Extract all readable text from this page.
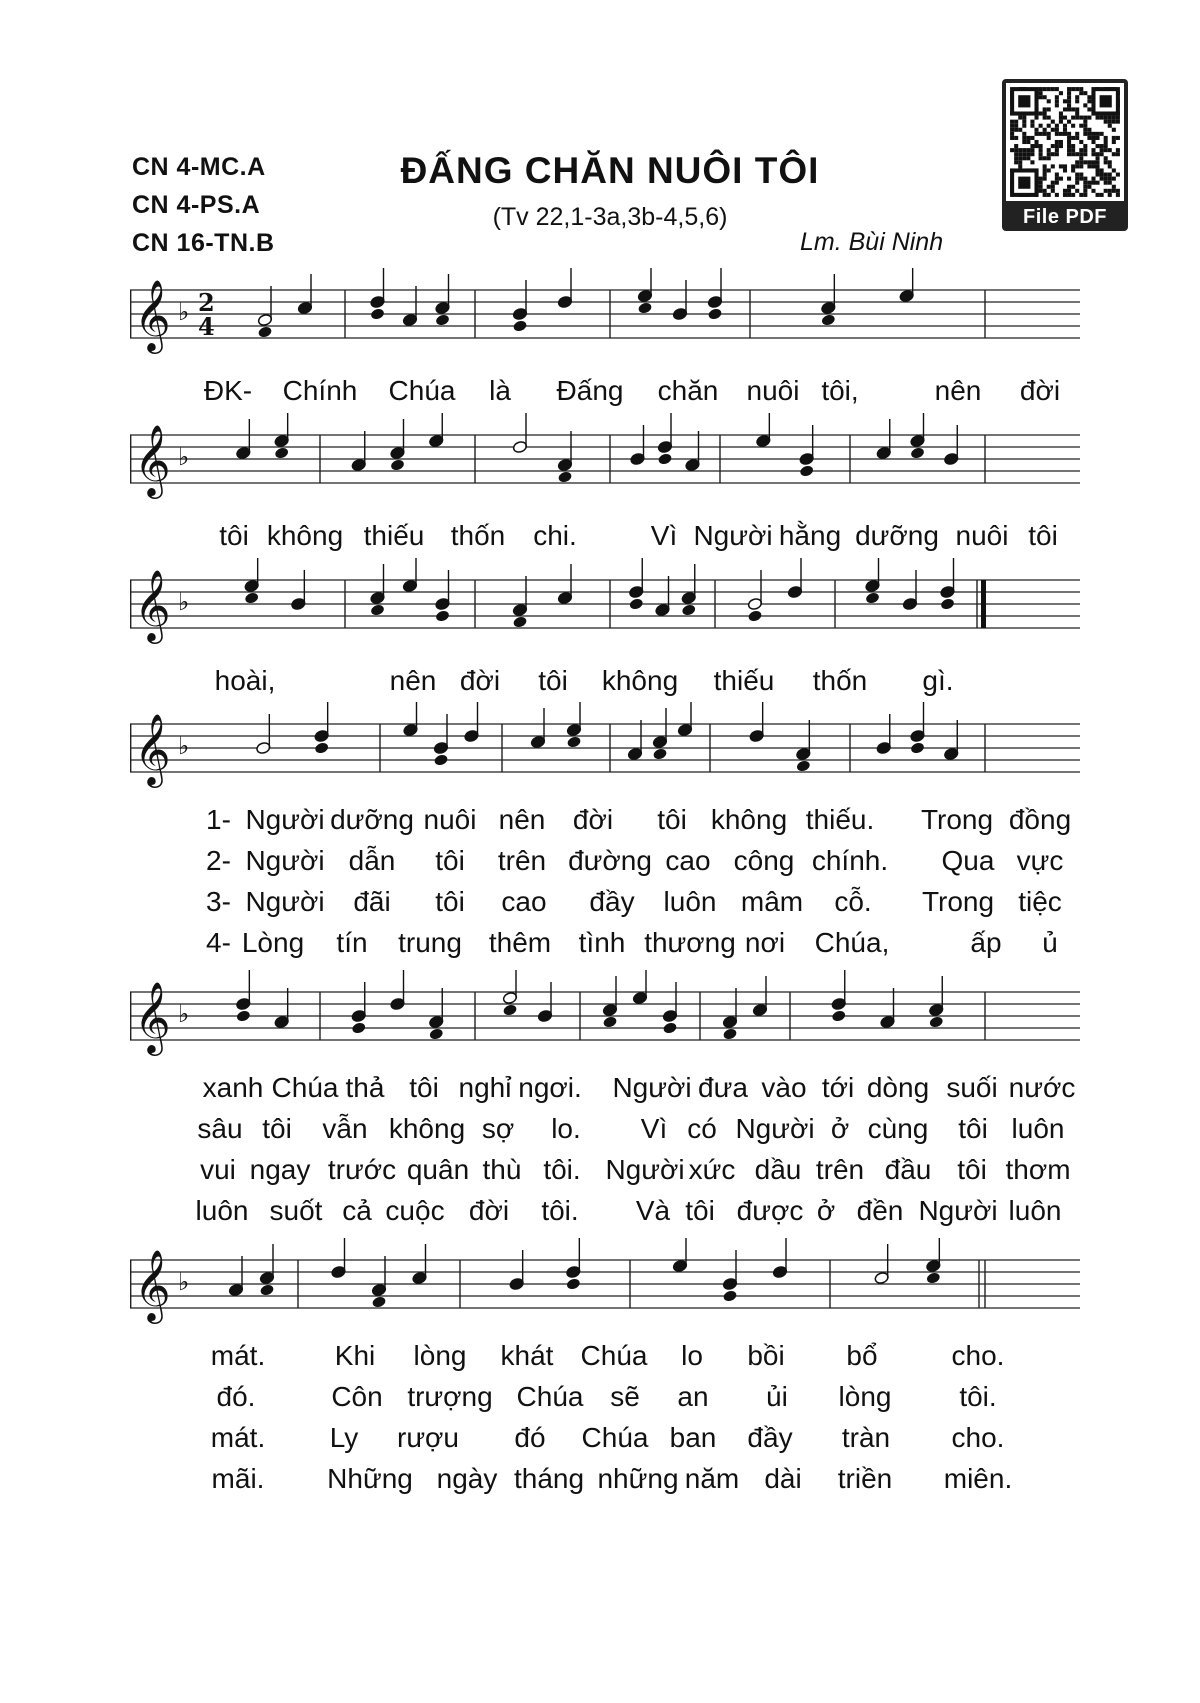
CN 4-MC.A
CN 4-PS.A
CN 16-TN.B
ĐẤNG CHĂN NUÔI TÔI
(Tv 22,1-3a,3b-4,5,6)
Lm. Bùi Ninh
File PDF
𝄞 ♭ 2
4
𝄞 ♭
𝄞 ♭
𝄞 ♭
𝄞 ♭
𝄞 ♭
ĐK- Chính Chúa là Đấng chăn nuôi tôi,	nên đời
tôi không thiếu thốn chi.	Vì Người hằng dưỡng nuôi tôi
hoài,	nên đời tôi không thiếu thốn gì.
1- Người dưỡng nuôi nên đời tôi không thiếu. Trong đồng
2- Người dẫn tôi trên đường cao công chính. Qua vực
3- Người đãi tôi cao đầy luôn mâm cỗ. Trong tiệc
4- Lòng tín trung thêm tình thương nơi Chúa,	ấp ủ
xanh Chúa thả tôi nghỉ ngơi. Người đưa vào tới dòng suối nước
sâu tôi vẫn không sợ lo. Vì có Người ở cùng tôi luôn
vui ngay trước quân thù tôi. Người xức dầu trên đầu tôi thơm
luôn suốt cả cuộc đời tôi. Và tôi được ở đền Người luôn
mát. Khi lòng khát Chúa lo bồi bổ	cho.
đó.	Côn trượng Chúa sẽ an ủi lòng tôi.
mát. Ly rượu đó Chúa ban đầy tràn cho.
mãi. Những ngày tháng những năm dài triền miên.
